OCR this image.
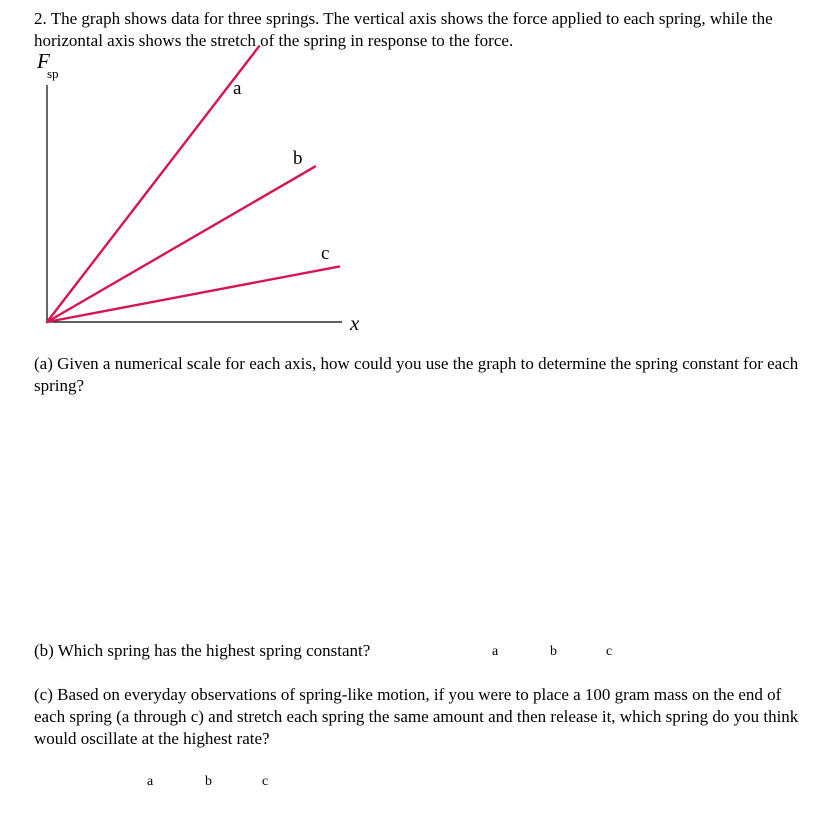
2. The graph shows data for three springs. The vertical axis shows the force applied to each spring, while the horizontal axis shows the stretch of the spring in response to the force.

F
sp
x
a
b
c

(a) Given a numerical scale for each axis, how could you use the graph to determine the spring constant for each spring?

(b) Which spring has the highest spring constant?	a	b	c

(c) Based on everyday observations of spring-like motion, if you were to place a 100 gram mass on the end of each spring (a through c) and stretch each spring the same amount and then release it, which spring do you think would oscillate at the highest rate?

a	b	c
